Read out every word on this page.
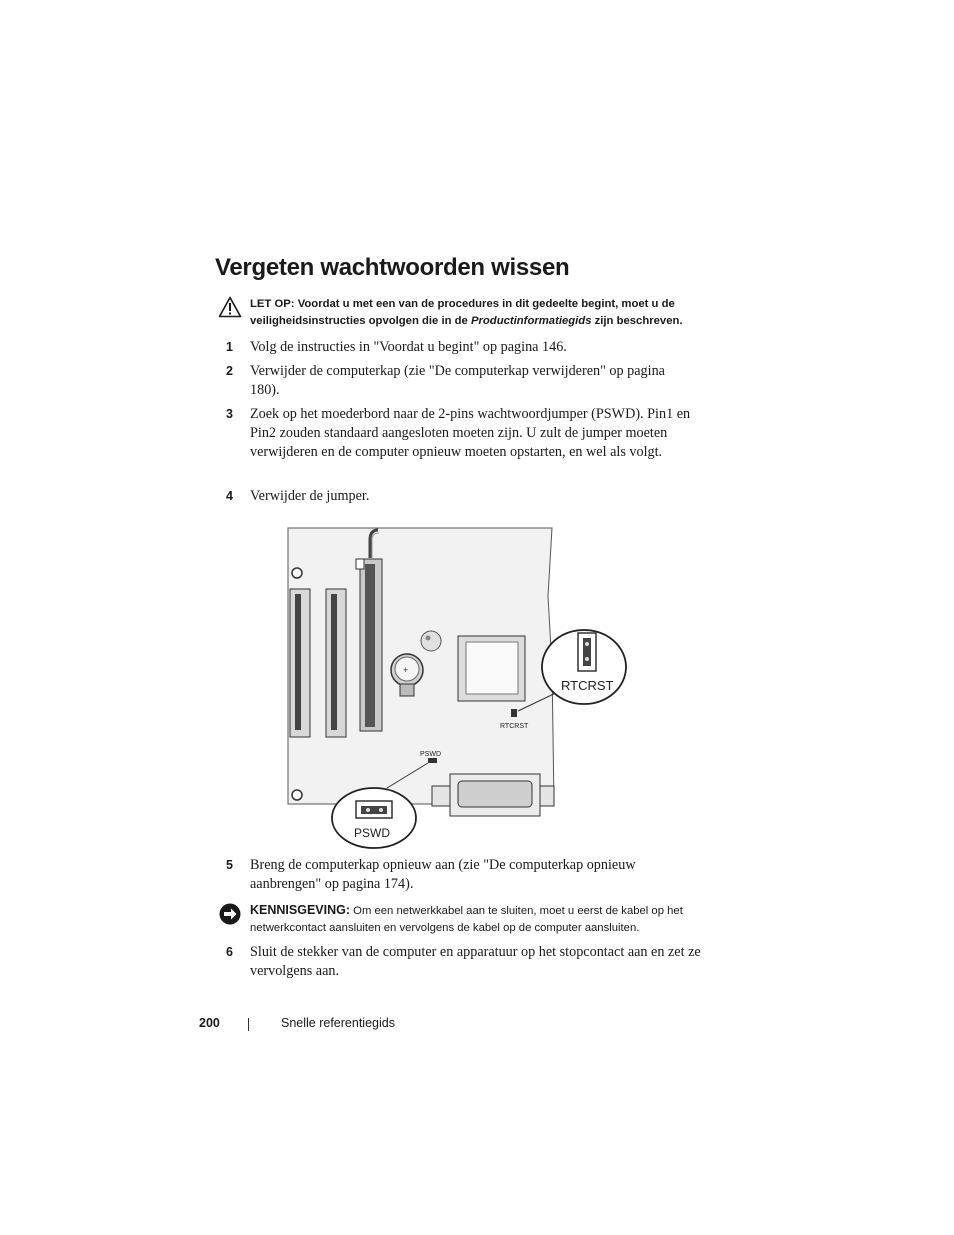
Vergeten wachtwoorden wissen
LET OP: Voordat u met een van de procedures in dit gedeelte begint, moet u de veiligheidsinstructies opvolgen die in de Productinformatiegids zijn beschreven.
1 Volg de instructies in "Voordat u begint" op pagina 146.
2 Verwijder de computerkap (zie "De computerkap verwijderen" op pagina 180).
3 Zoek op het moederbord naar de 2-pins wachtwoordjumper (PSWD). Pin1 en Pin2 zouden standaard aangesloten moeten zijn. U zult de jumper moeten verwijderen en de computer opnieuw moeten opstarten, en wel als volgt.
4 Verwijder de jumper.
+
RTCRST
RTCRST
PSWD
PSWD
5 Breng de computerkap opnieuw aan (zie "De computerkap opnieuw aanbrengen" op pagina 174).
KENNISGEVING: Om een netwerkkabel aan te sluiten, moet u eerst de kabel op het netwerkcontact aansluiten en vervolgens de kabel op de computer aansluiten.
6 Sluit de stekker van de computer en apparatuur op het stopcontact aan en zet ze vervolgens aan.
200	Snelle referentiegids
